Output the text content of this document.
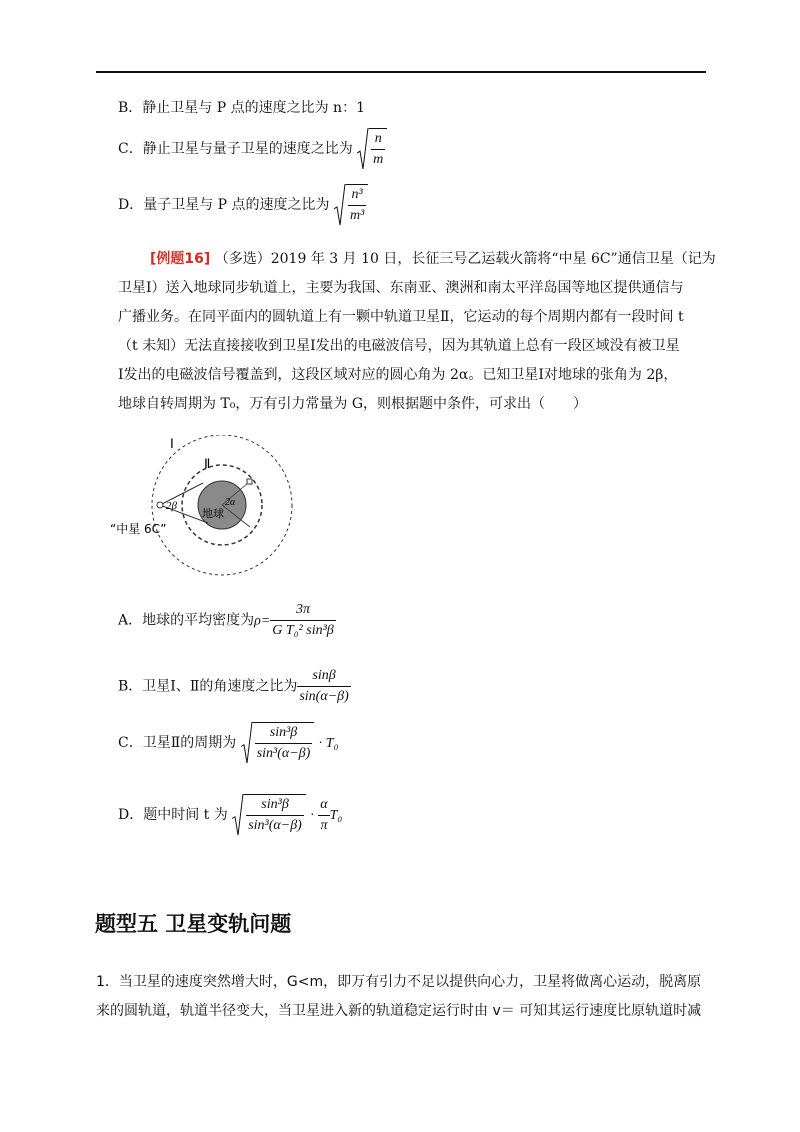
B．静止卫星与 P 点的速度之比为 n：1
C．静止卫星与量子卫星的速度之比为 $\frac{n}{m}$
D．量子卫星与 P 点的速度之比为 $\frac{\text{n³}}{\text{m³}}$
[例题16] （多选）2019 年 3 月 10 日，长征三号乙运载火箭将“中星 6C”通信卫星（记为
卫星Ⅰ）送入地球同步轨道上，主要为我国、东南亚、澳洲和南太平洋岛国等地区提供通信与
广播业务。在同平面内的圆轨道上有一颗中轨道卫星Ⅱ，它运动的每个周期内都有一段时间 t
（t 未知）无法直接接收到卫星Ⅰ发出的电磁波信号，因为其轨道上总有一段区域没有被卫星
Ⅰ发出的电磁波信号覆盖到，这段区域对应的圆心角为 2α。已知卫星Ⅰ对地球的张角为 2β，
地球自转周期为 T₀，万有引力常量为 G，则根据题中条件，可求出（　　）
Ⅰ
Ⅱ
2β	2α
地球
“中星 6C”
A．地球的平均密度为$\rho= \frac{3\pi}{\text{G T₀² sin³β}}$
B．卫星Ⅰ、Ⅱ的角速度之比为 $\frac{\sin\beta}{\sin(\alpha-\beta)}$
C．卫星Ⅱ的周期为 $\frac{\text{sin³β}}{\text{sin³(α−β)}} \cdot T_0$
D．题中时间 t 为 $\frac{\text{sin³β}}{\text{sin³(α−β)}} \cdot \frac{\alpha}{\pi} T_0$
题型五 卫星变轨问题
1．当卫星的速度突然增大时，G<m，即万有引力不足以提供向心力，卫星将做离心运动，脱离原
来的圆轨道，轨道半径变大，当卫星进入新的轨道稳定运行时由 v＝ 可知其运行速度比原轨道时减
